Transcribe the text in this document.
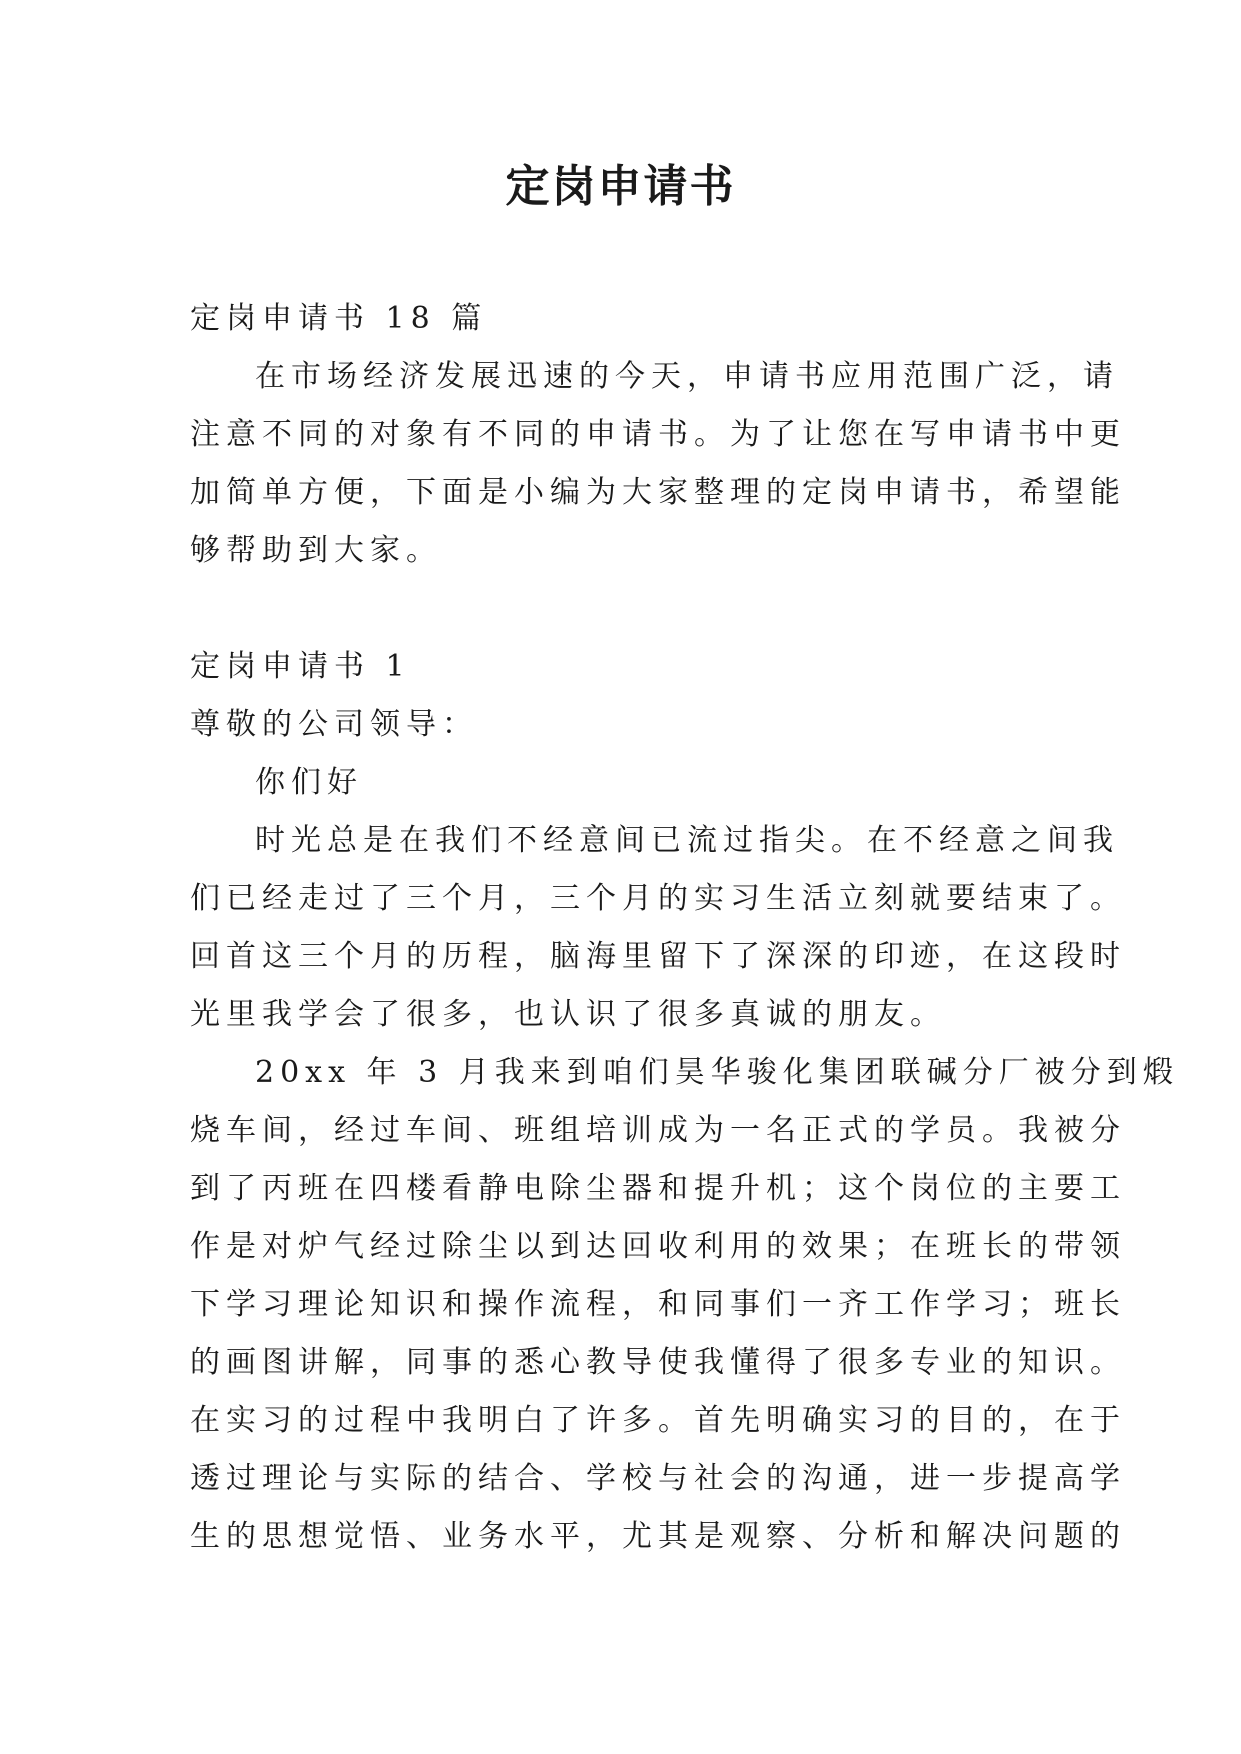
定岗申请书
定岗申请书 18 篇
在市场经济发展迅速的今天，申请书应用范围广泛，请
注意不同的对象有不同的申请书。为了让您在写申请书中更
加简单方便，下面是小编为大家整理的定岗申请书，希望能
够帮助到大家。
定岗申请书 1
尊敬的公司领导：
你们好
时光总是在我们不经意间已流过指尖。在不经意之间我
们已经走过了三个月，三个月的实习生活立刻就要结束了。
回首这三个月的历程，脑海里留下了深深的印迹，在这段时
光里我学会了很多，也认识了很多真诚的朋友。
20xx 年 3 月我来到咱们昊华骏化集团联碱分厂被分到煅
烧车间，经过车间、班组培训成为一名正式的学员。我被分
到了丙班在四楼看静电除尘器和提升机；这个岗位的主要工
作是对炉气经过除尘以到达回收利用的效果；在班长的带领
下学习理论知识和操作流程，和同事们一齐工作学习；班长
的画图讲解，同事的悉心教导使我懂得了很多专业的知识。
在实习的过程中我明白了许多。首先明确实习的目的，在于
透过理论与实际的结合、学校与社会的沟通，进一步提高学
生的思想觉悟、业务水平，尤其是观察、分析和解决问题的
